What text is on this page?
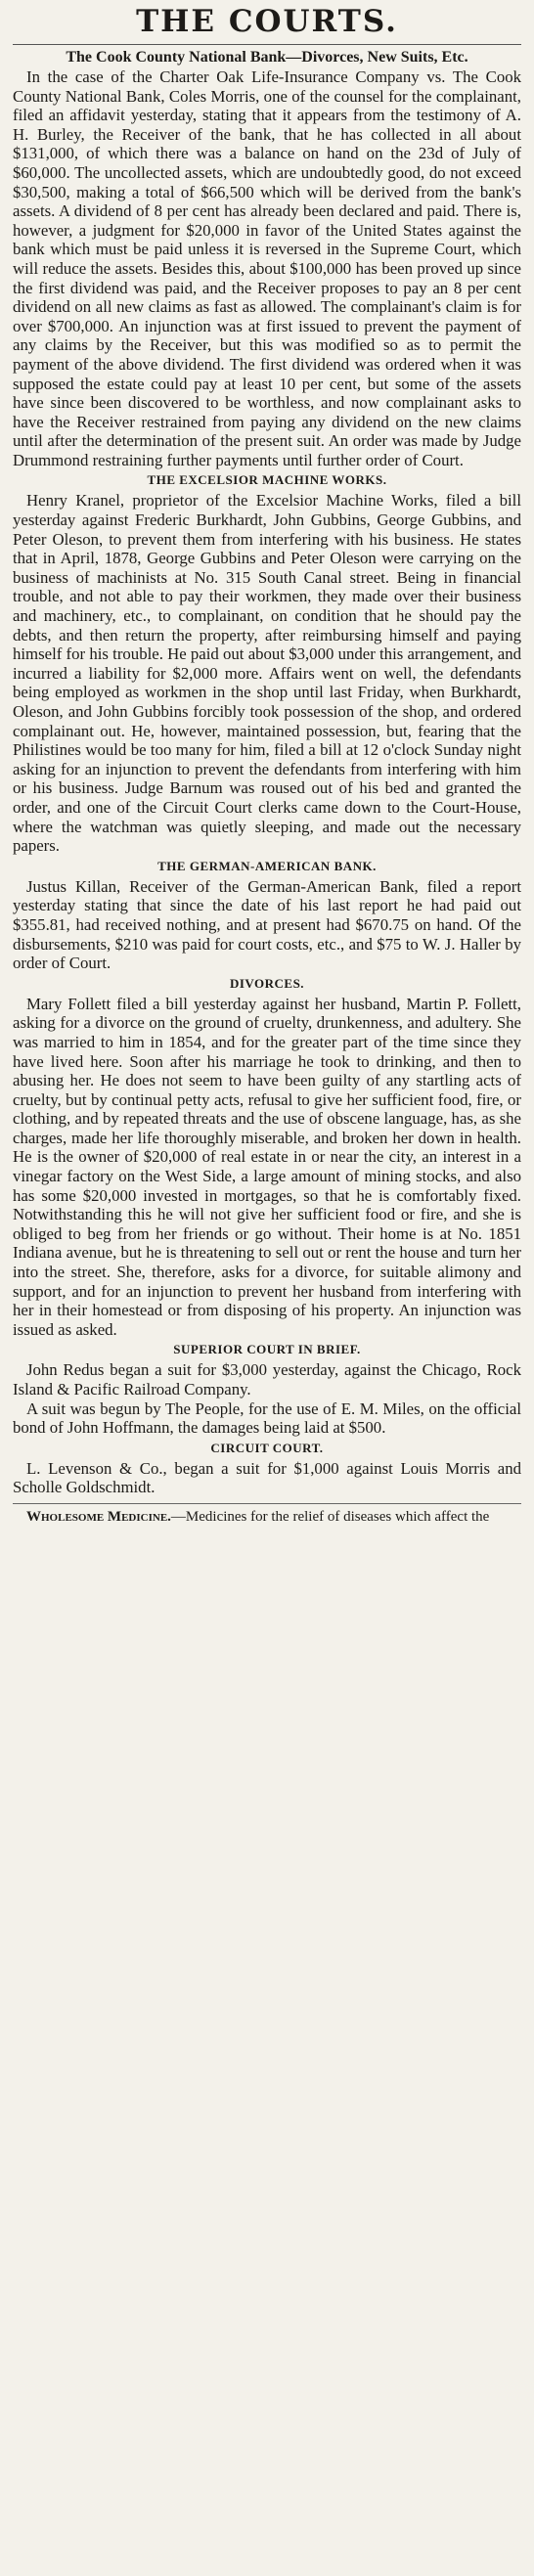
THE COURTS.
The Cook County National Bank—Divorces, New Suits, Etc.

In the case of the Charter Oak Life-Insurance Company vs. The Cook County National Bank, Coles Morris, one of the counsel for the complainant, filed an affidavit yesterday, stating that it appears from the testimony of A. H. Burley, the Receiver of the bank, that he has collected in all about $131,000, of which there was a balance on hand on the 23d of July of $60,000. The uncollected assets, which are undoubtedly good, do not exceed $30,500, making a total of $66,500 which will be derived from the bank's assets. A dividend of 8 per cent has already been declared and paid. There is, however, a judgment for $20,000 in favor of the United States against the bank which must be paid unless it is reversed in the Supreme Court, which will reduce the assets. Besides this, about $100,000 has been proved up since the first dividend was paid, and the Receiver proposes to pay an 8 per cent dividend on all new claims as fast as allowed. The complainant's claim is for over $700,000. An injunction was at first issued to prevent the payment of any claims by the Receiver, but this was modified so as to permit the payment of the above dividend. The first dividend was ordered when it was supposed the estate could pay at least 10 per cent, but some of the assets have since been discovered to be worthless, and now complainant asks to have the Receiver restrained from paying any dividend on the new claims until after the determination of the present suit. An order was made by Judge Drummond restraining further payments until further order of Court.

THE EXCELSIOR MACHINE WORKS.

Henry Kranel, proprietor of the Excelsior Machine Works, filed a bill yesterday against Frederic Burkhardt, John Gubbins, George Gubbins, and Peter Oleson, to prevent them from interfering with his business. He states that in April, 1878, George Gubbins and Peter Oleson were carrying on the business of machinists at No. 315 South Canal street. Being in financial trouble, and not able to pay their workmen, they made over their business and machinery, etc., to complainant, on condition that he should pay the debts, and then return the property, after reimbursing himself and paying himself for his trouble. He paid out about $3,000 under this arrangement, and incurred a liability for $2,000 more. Affairs went on well, the defendants being employed as workmen in the shop until last Friday, when Burkhardt, Oleson, and John Gubbins forcibly took possession of the shop, and ordered complainant out. He, however, maintained possession, but, fearing that the Philistines would be too many for him, filed a bill at 12 o'clock Sunday night asking for an injunction to prevent the defendants from interfering with him or his business. Judge Barnum was roused out of his bed and granted the order, and one of the Circuit Court clerks came down to the Court-House, where the watchman was quietly sleeping, and made out the necessary papers.

THE GERMAN-AMERICAN BANK.

Justus Killan, Receiver of the German-American Bank, filed a report yesterday stating that since the date of his last report he had paid out $355.81, had received nothing, and at present had $670.75 on hand. Of the disbursements, $210 was paid for court costs, etc., and $75 to W. J. Haller by order of Court.

DIVORCES.

Mary Follett filed a bill yesterday against her husband, Martin P. Follett, asking for a divorce on the ground of cruelty, drunkenness, and adultery. She was married to him in 1854, and for the greater part of the time since they have lived here. Soon after his marriage he took to drinking, and then to abusing her. He does not seem to have been guilty of any startling acts of cruelty, but by continual petty acts, refusal to give her sufficient food, fire, or clothing, and by repeated threats and the use of obscene language, has, as she charges, made her life thoroughly miserable, and broken her down in health. He is the owner of $20,000 of real estate in or near the city, an interest in a vinegar factory on the West Side, a large amount of mining stocks, and also has some $20,000 invested in mortgages, so that he is comfortably fixed. Notwithstanding this he will not give her sufficient food or fire, and she is obliged to beg from her friends or go without. Their home is at No. 1851 Indiana avenue, but he is threatening to sell out or rent the house and turn her into the street. She, therefore, asks for a divorce, for suitable alimony and support, and for an injunction to prevent her husband from interfering with her in their homestead or from disposing of his property. An injunction was issued as asked.

SUPERIOR COURT IN BRIEF.

John Redus began a suit for $3,000 yesterday, against the Chicago, Rock Island & Pacific Railroad Company.

A suit was begun by The People, for the use of E. M. Miles, on the official bond of John Hoffmann, the damages being laid at $500.

CIRCUIT COURT.

L. Levenson & Co., began a suit for $1,000 against Louis Morris and Scholle Goldschmidt.

Wholesome Medicine.—Medicines for the relief of diseases which affect the
